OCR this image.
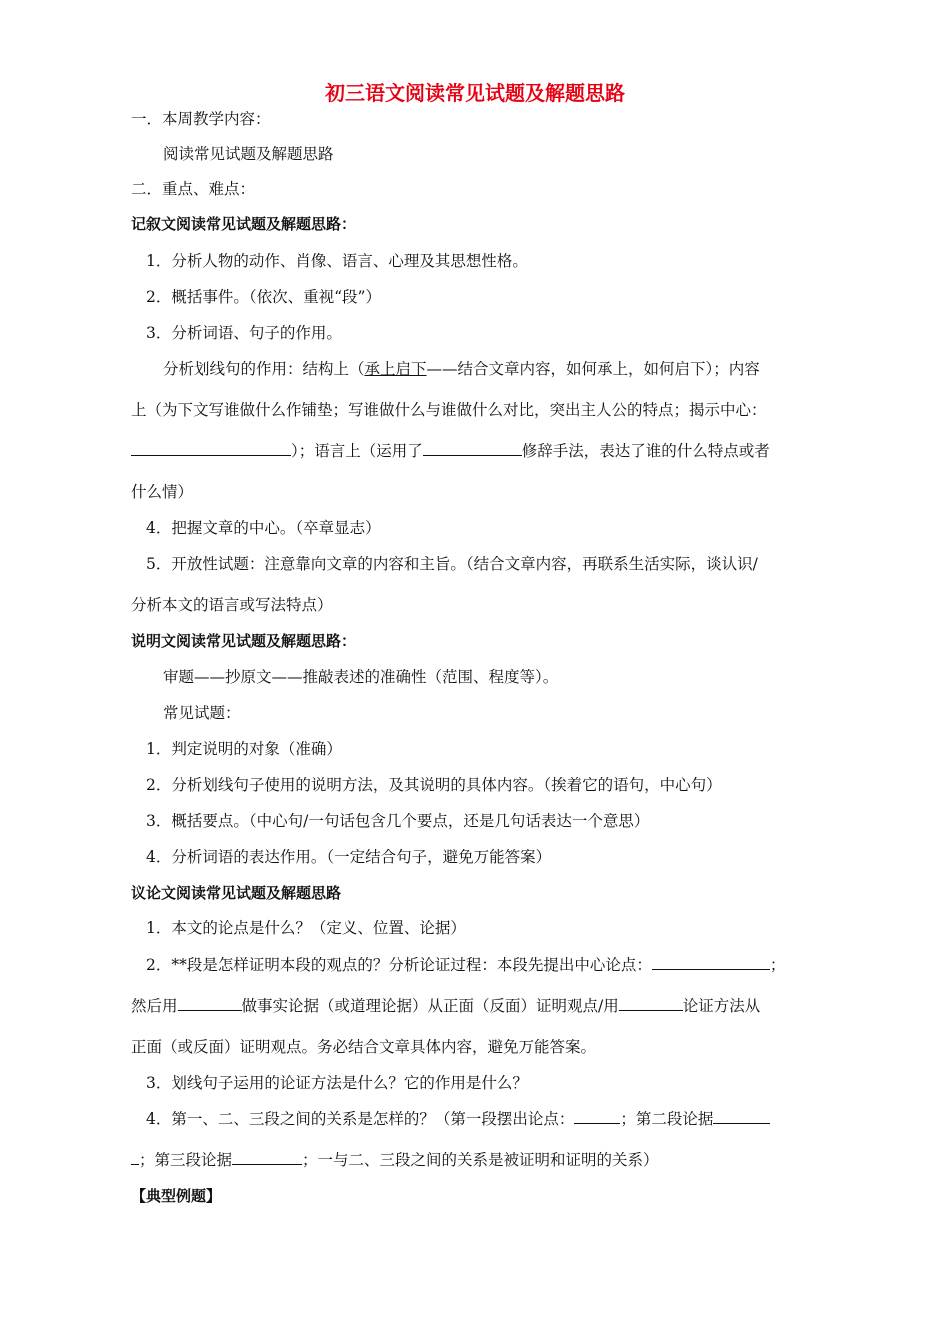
初三语文阅读常见试题及解题思路
一．本周教学内容：
阅读常见试题及解题思路
二．重点、难点：
记叙文阅读常见试题及解题思路：
1．分析人物的动作、肖像、语言、心理及其思想性格。
2．概括事件。（依次、重视“段”）
3．分析词语、句子的作用。
分析划线句的作用：结构上（承上启下——结合文章内容，如何承上，如何启下）；内容
上（为下文写谁做什么作铺垫；写谁做什么与谁做什么对比，突出主人公的特点；揭示中心：
）；语言上（运用了	修辞手法，表达了谁的什么特点或者
什么情）
4．把握文章的中心。（卒章显志）
5．开放性试题：注意靠向文章的内容和主旨。（结合文章内容，再联系生活实际，谈认识/
分析本文的语言或写法特点）
说明文阅读常见试题及解题思路：
审题——抄原文——推敲表述的准确性（范围、程度等）。
常见试题：
1．判定说明的对象（准确）
2．分析划线句子使用的说明方法，及其说明的具体内容。（挨着它的语句，中心句）
3．概括要点。（中心句/一句话包含几个要点，还是几句话表达一个意思）
4．分析词语的表达作用。（一定结合句子，避免万能答案）
议论文阅读常见试题及解题思路
1．本文的论点是什么？（定义、位置、论据）
2．**段是怎样证明本段的观点的？分析论证过程：本段先提出中心论点：	；
然后用	做事实论据（或道理论据）从正面（反面）证明观点/用	论证方法从
正面（或反面）证明观点。务必结合文章具体内容，避免万能答案。
3．划线句子运用的论证方法是什么？它的作用是什么？
4．第一、二、三段之间的关系是怎样的？（第一段摆出论点：	；第二段论据
；第三段论据	；一与二、三段之间的关系是被证明和证明的关系）
【典型例题】
